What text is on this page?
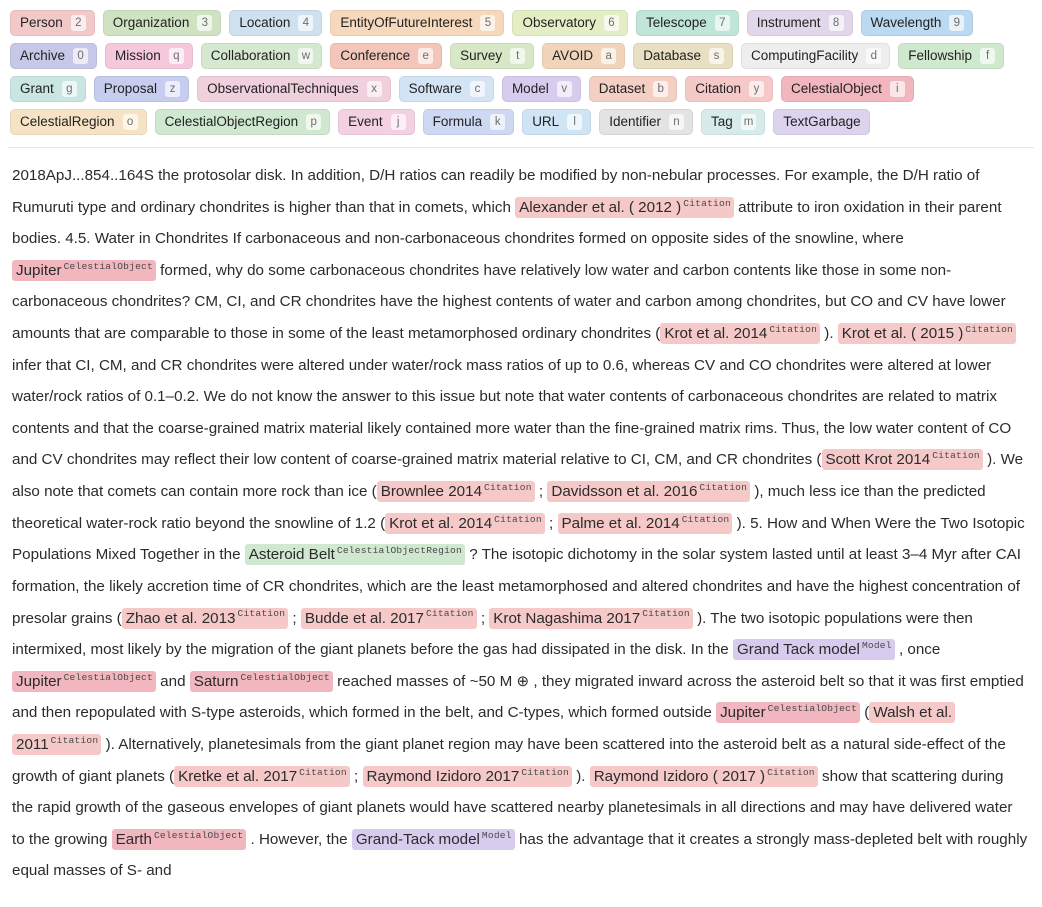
Person	2	Organization	3	Location	4	EntityOfFutureInterest	5	Observatory	6	Telescope	7	Instrument	8	Wavelength	9
Archive	0	Mission	q	Collaboration w Conference	e	Survey	t	AVOID	a	Database	s	ComputingFacility	d	Fellowship	f
Grant	g	Proposal	z	ObservationalTechniques	x	Software	c	Model	v	Dataset	b	Citation	y	CelestialObject	i
CelestialRegion	o	CelestialObjectRegion	p	Event	j	Formula	k	URL	l	Identifier	n	Tag m TextGarbage
2018ApJ...854..164S the protosolar disk. In addition, D/H ratios can readily be modified by non-nebular processes. For example, the D/H ratio of Rumuruti type and ordinary chondrites is higher than that in comets, which Alexander et al. ( 2012 ) $^{Citation}$ attribute to iron oxidation in their parent bodies. 4.5. Water in Chondrites If carbonaceous and non-carbonaceous chondrites formed on opposite sides of the snowline, where Jupiter $^{CelestialObject}$ formed, why do some carbonaceous chondrites have relatively low water and carbon contents like those in some non-carbonaceous chondrites? CM, CI, and CR chondrites have the highest contents of water and carbon among chondrites, but CO and CV have lower amounts that are comparable to those in some of the least metamorphosed ordinary chondrites ( Krot et al. 2014 $^{Citation}$ ). Krot et al. ( 2015 ) $^{Citation}$ infer that CI, CM, and CR chondrites were altered under water/rock mass ratios of up to 0.6, whereas CV and CO chondrites were altered at lower water/rock ratios of 0.1–0.2. We do not know the answer to this issue but note that water contents of carbonaceous chondrites are related to matrix contents and that the coarse-grained matrix material likely contained more water than the fine-grained matrix rims. Thus, the low water content of CO and CV chondrites may reflect their low content of coarse-grained matrix material relative to CI, CM, and CR chondrites ( Scott Krot 2014 $^{Citation}$ ). We also note that comets can contain more rock than ice ( Brownlee 2014 $^{Citation}$ ; Davidsson et al. 2016 $^{Citation}$ ), much less ice than the predicted theoretical water-rock ratio beyond the snowline of 1.2 ( Krot et al. 2014 $^{Citation}$ ; Palme et al. 2014 $^{Citation}$ ). 5. How and When Were the Two Isotopic Populations Mixed Together in the Asteroid Belt $^{CelestialObjectRegion}$ ? The isotopic dichotomy in the solar system lasted until at least 3–4 Myr after CAI formation, the likely accretion time of CR chondrites, which are the least metamorphosed and altered chondrites and have the highest concentration of presolar grains ( Zhao et al. 2013 $^{Citation}$ ; Budde et al. 2017 $^{Citation}$ ; Krot Nagashima 2017 $^{Citation}$ ). The two isotopic populations were then intermixed, most likely by the migration of the giant planets before the gas had dissipated in the disk. In the Grand Tack model $^{Model}$ , once Jupiter $^{CelestialObject}$ and Saturn $^{CelestialObject}$ reached masses of ~50 M ⊕ , they migrated inward across the asteroid belt so that it was first emptied and then repopulated with S-type asteroids, which formed in the belt, and C-types, which formed outside Jupiter $^{CelestialObject}$ ( Walsh et al. 2011 $^{Citation}$ ). Alternatively, planetesimals from the giant planet region may have been scattered into the asteroid belt as a natural side-effect of the growth of giant planets ( Kretke et al. 2017 $^{Citation}$ ; Raymond Izidoro 2017 $^{Citation}$ ). Raymond Izidoro ( 2017 ) $^{Citation}$ show that scattering during the rapid growth of the gaseous envelopes of giant planets would have scattered nearby planetesimals in all directions and may have delivered water to the growing Earth $^{CelestialObject}$ . However, the Grand-Tack model $^{Model}$ has the advantage that it creates a strongly mass-depleted belt with roughly equal masses of S- and
